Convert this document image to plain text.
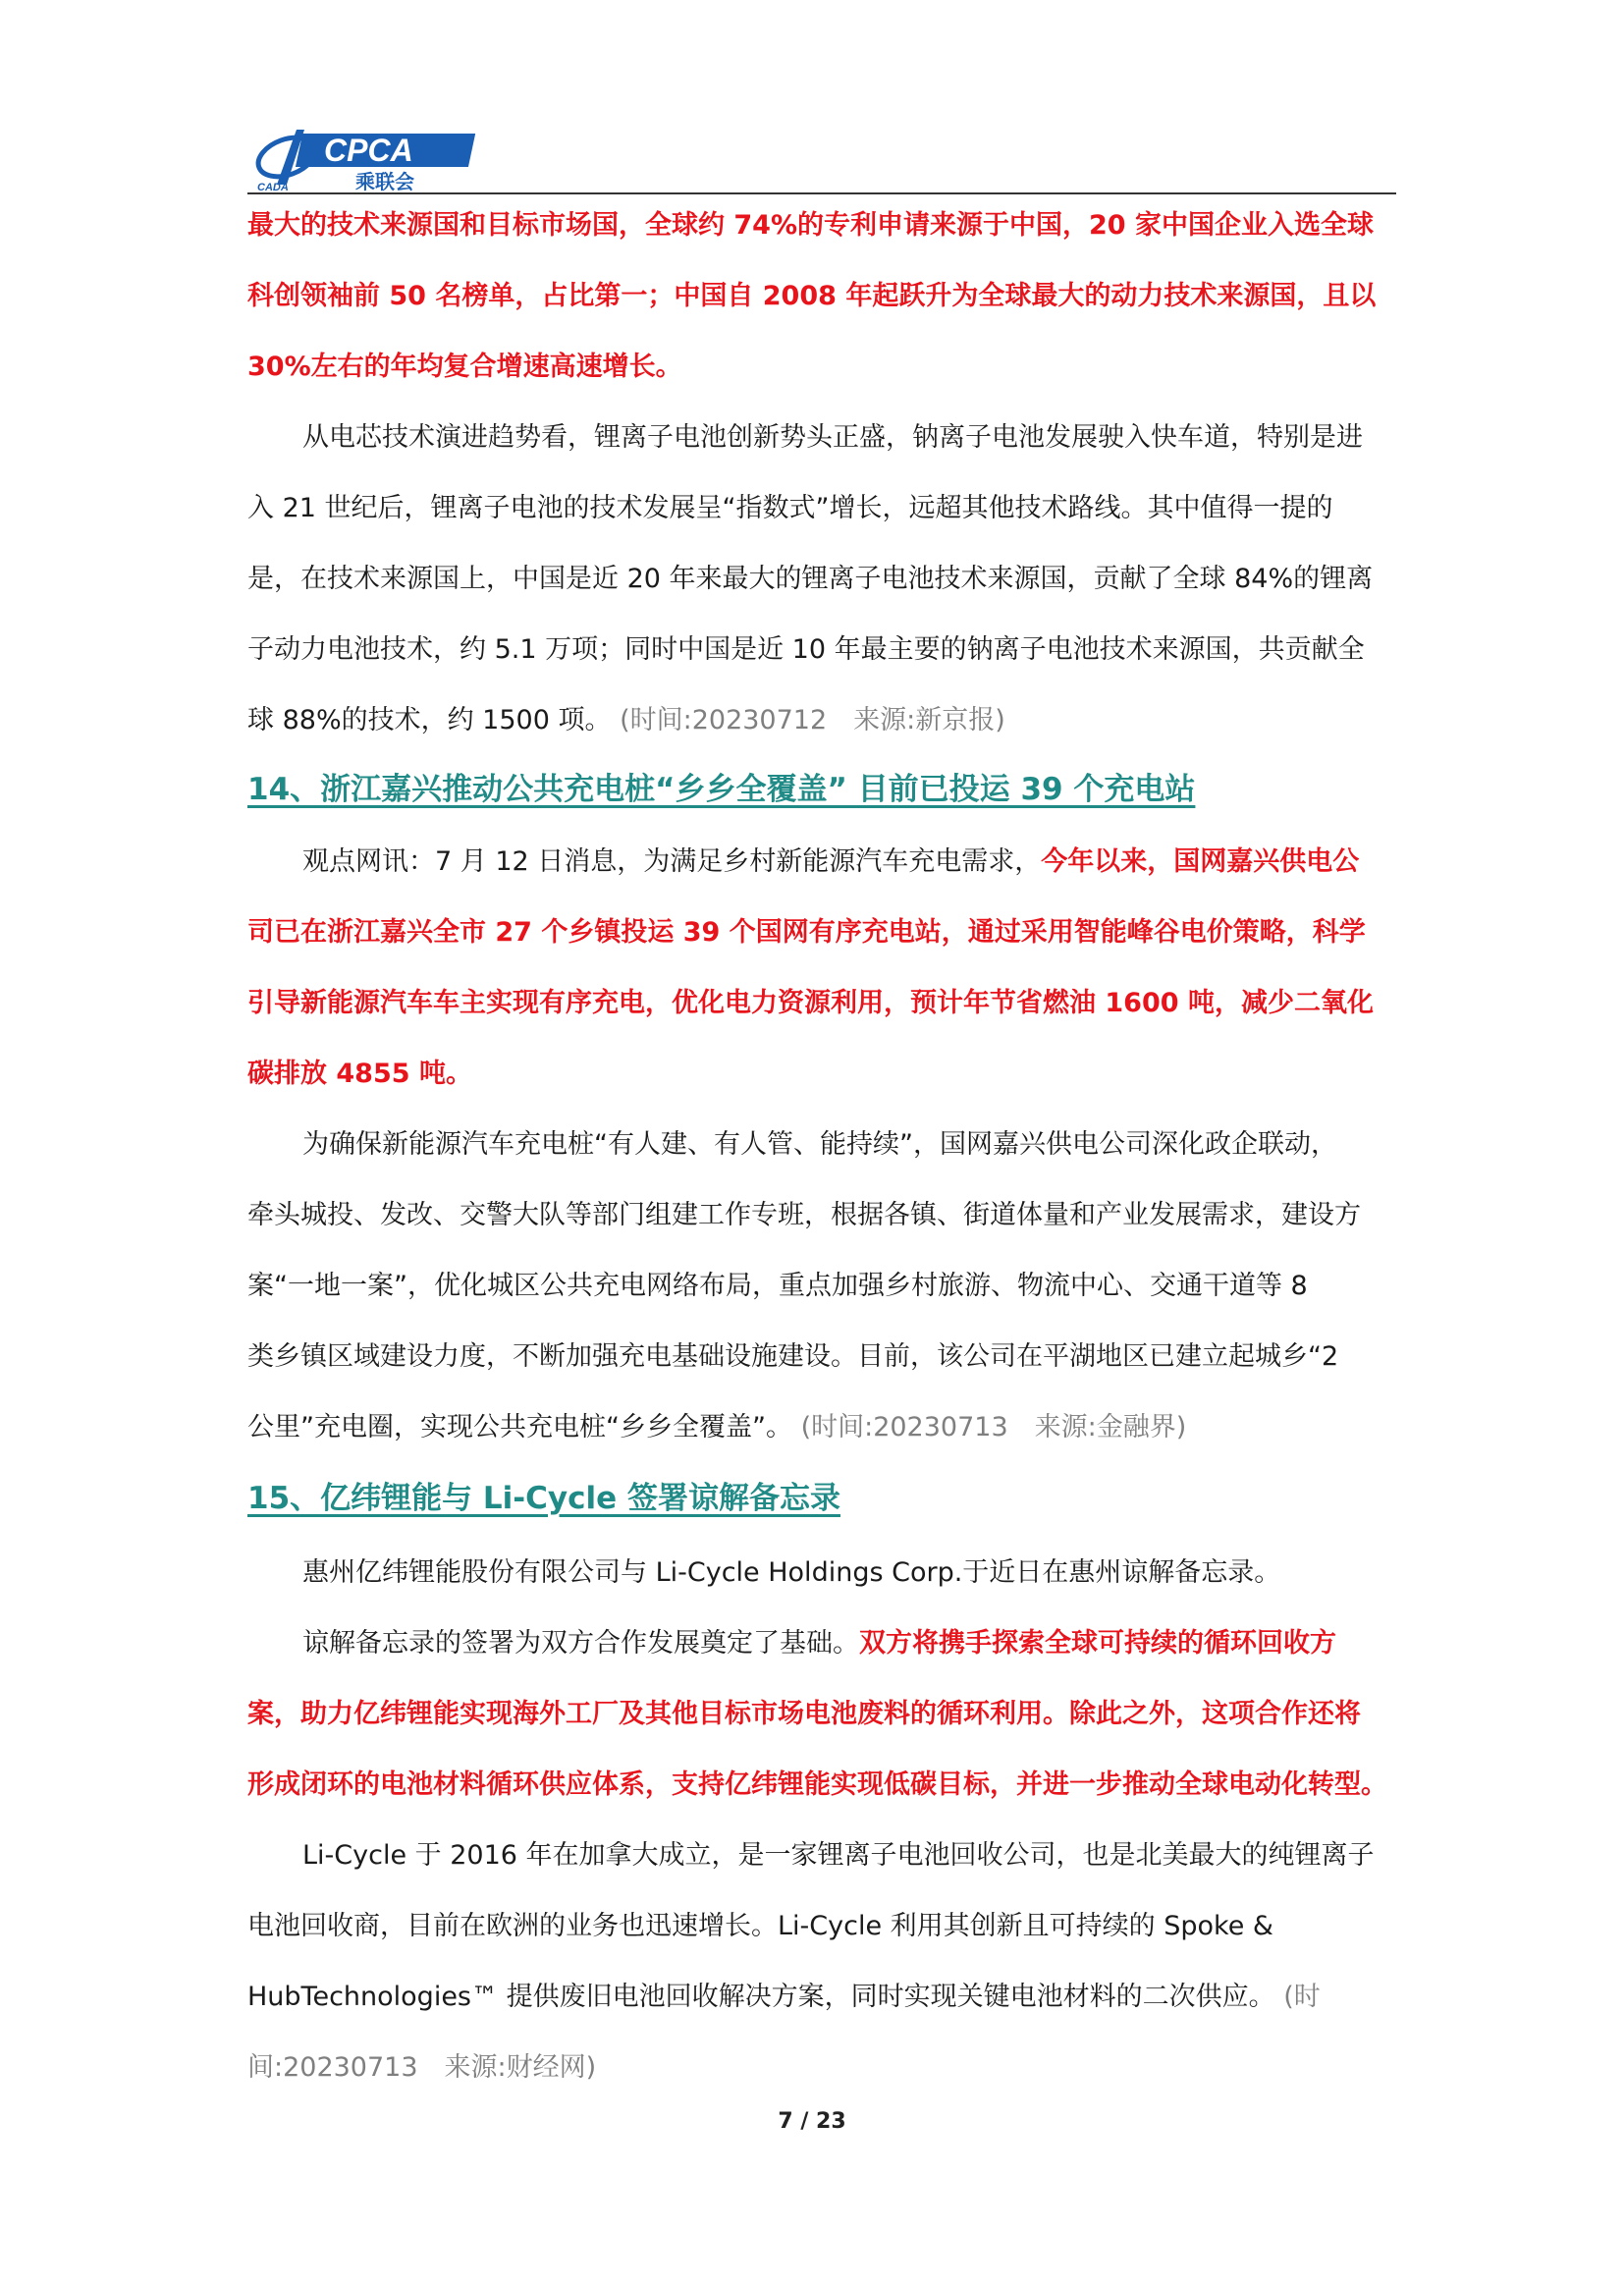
CPCA
乘联会
CADA
最大的技术来源国和目标市场国，全球约 74%的专利申请来源于中国，20 家中国企业入选全球
科创领袖前 50 名榜单，占比第一；中国自 2008 年起跃升为全球最大的动力技术来源国，且以
30%左右的年均复合增速高速增长。
从电芯技术演进趋势看，锂离子电池创新势头正盛，钠离子电池发展驶入快车道，特别是进
入 21 世纪后，锂离子电池的技术发展呈“指数式”增长，远超其他技术路线。其中值得一提的
是，在技术来源国上，中国是近 20 年来最大的锂离子电池技术来源国，贡献了全球 84%的锂离
子动力电池技术，约 5.1 万项；同时中国是近 10 年最主要的钠离子电池技术来源国，共贡献全
球 88%的技术，约 1500 项。 (时间:20230712　来源:新京报)
14、浙江嘉兴推动公共充电桩“乡乡全覆盖” 目前已投运 39 个充电站
观点网讯：7 月 12 日消息，为满足乡村新能源汽车充电需求，今年以来，国网嘉兴供电公
司已在浙江嘉兴全市 27 个乡镇投运 39 个国网有序充电站，通过采用智能峰谷电价策略，科学
引导新能源汽车车主实现有序充电，优化电力资源利用，预计年节省燃油 1600 吨，减少二氧化
碳排放 4855 吨。
为确保新能源汽车充电桩“有人建、有人管、能持续”，国网嘉兴供电公司深化政企联动，
牵头城投、发改、交警大队等部门组建工作专班，根据各镇、街道体量和产业发展需求，建设方
案“一地一案”，优化城区公共充电网络布局，重点加强乡村旅游、物流中心、交通干道等 8
类乡镇区域建设力度，不断加强充电基础设施建设。目前，该公司在平湖地区已建立起城乡“2
公里”充电圈，实现公共充电桩“乡乡全覆盖”。 (时间:20230713　来源:金融界)
15、亿纬锂能与 Li-Cycle 签署谅解备忘录
惠州亿纬锂能股份有限公司与 Li-Cycle Holdings Corp.于近日在惠州谅解备忘录。
谅解备忘录的签署为双方合作发展奠定了基础。双方将携手探索全球可持续的循环回收方
案，助力亿纬锂能实现海外工厂及其他目标市场电池废料的循环利用。除此之外，这项合作还将
形成闭环的电池材料循环供应体系，支持亿纬锂能实现低碳目标，并进一步推动全球电动化转型。
Li-Cycle 于 2016 年在加拿大成立，是一家锂离子电池回收公司，也是北美最大的纯锂离子
电池回收商，目前在欧洲的业务也迅速增长。Li-Cycle 利用其创新且可持续的 Spoke &
HubTechnologies™ 提供废旧电池回收解决方案，同时实现关键电池材料的二次供应。 (时
间:20230713　来源:财经网)
7 / 23
